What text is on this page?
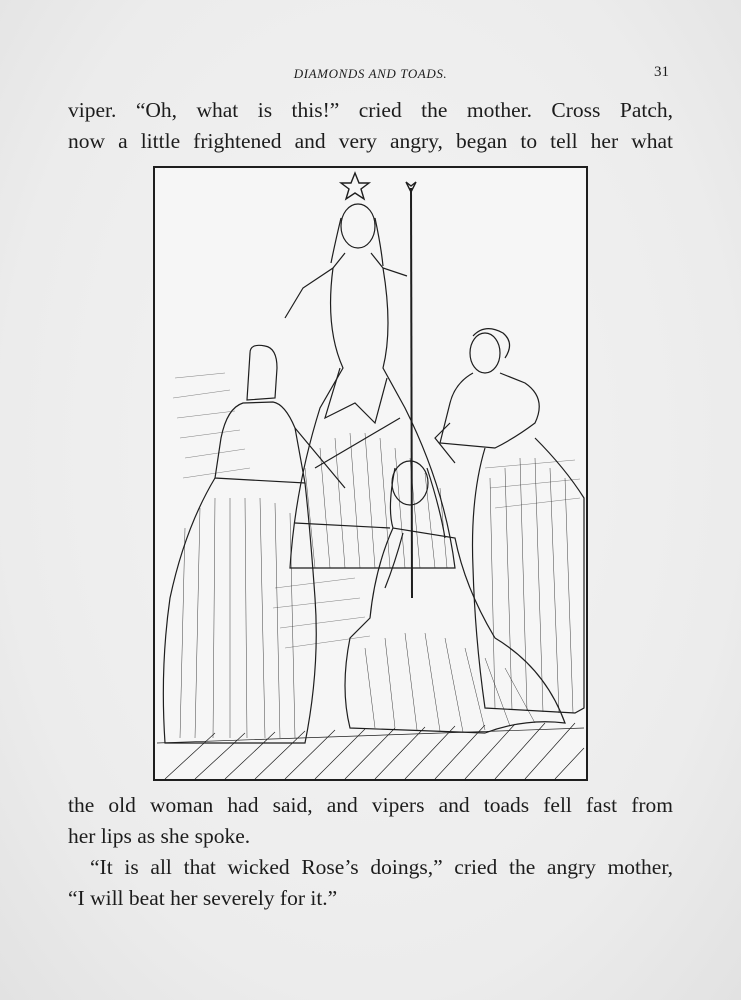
DIAMONDS AND TOADS.	31
viper. “Oh, what is this!” cried the mother. Cross Patch,
now a little frightened and very angry, began to tell her what
the old woman had said, and vipers and toads fell fast from
her lips as she spoke.
“It is all that wicked Rose’s doings,” cried the angry mother,
“I will beat her severely for it.”
